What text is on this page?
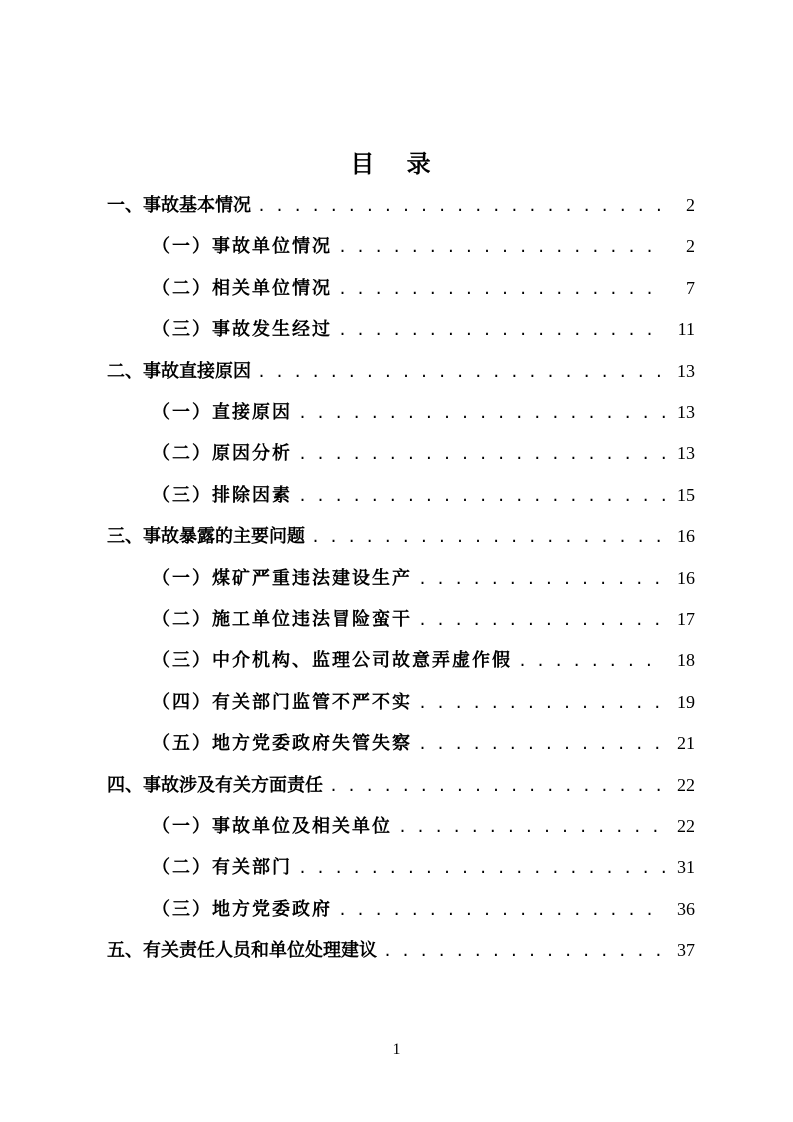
目 录
一、事故基本情况 . . .	2
（一）事故单位情况 . . .	2
（二）相关单位情况 . . .	7
（三）事故发生经过 . . .	11
二、事故直接原因 . . .	13
（一）直接原因 . . .	13
（二）原因分析 . . .	13
（三）排除因素 . . .	15
三、事故暴露的主要问题 . . .	16
（一）煤矿严重违法建设生产 . . .	16
（二）施工单位违法冒险蛮干 . . .	17
（三）中介机构、监理公司故意弄虚作假 . . .	18
（四）有关部门监管不严不实 . . .	19
（五）地方党委政府失管失察 . . .	21
四、事故涉及有关方面责任 . . .	22
（一）事故单位及相关单位 . . .	22
（二）有关部门 . . .	31
（三）地方党委政府 . . .	36
五、有关责任人员和单位处理建议 . . .	37
1
